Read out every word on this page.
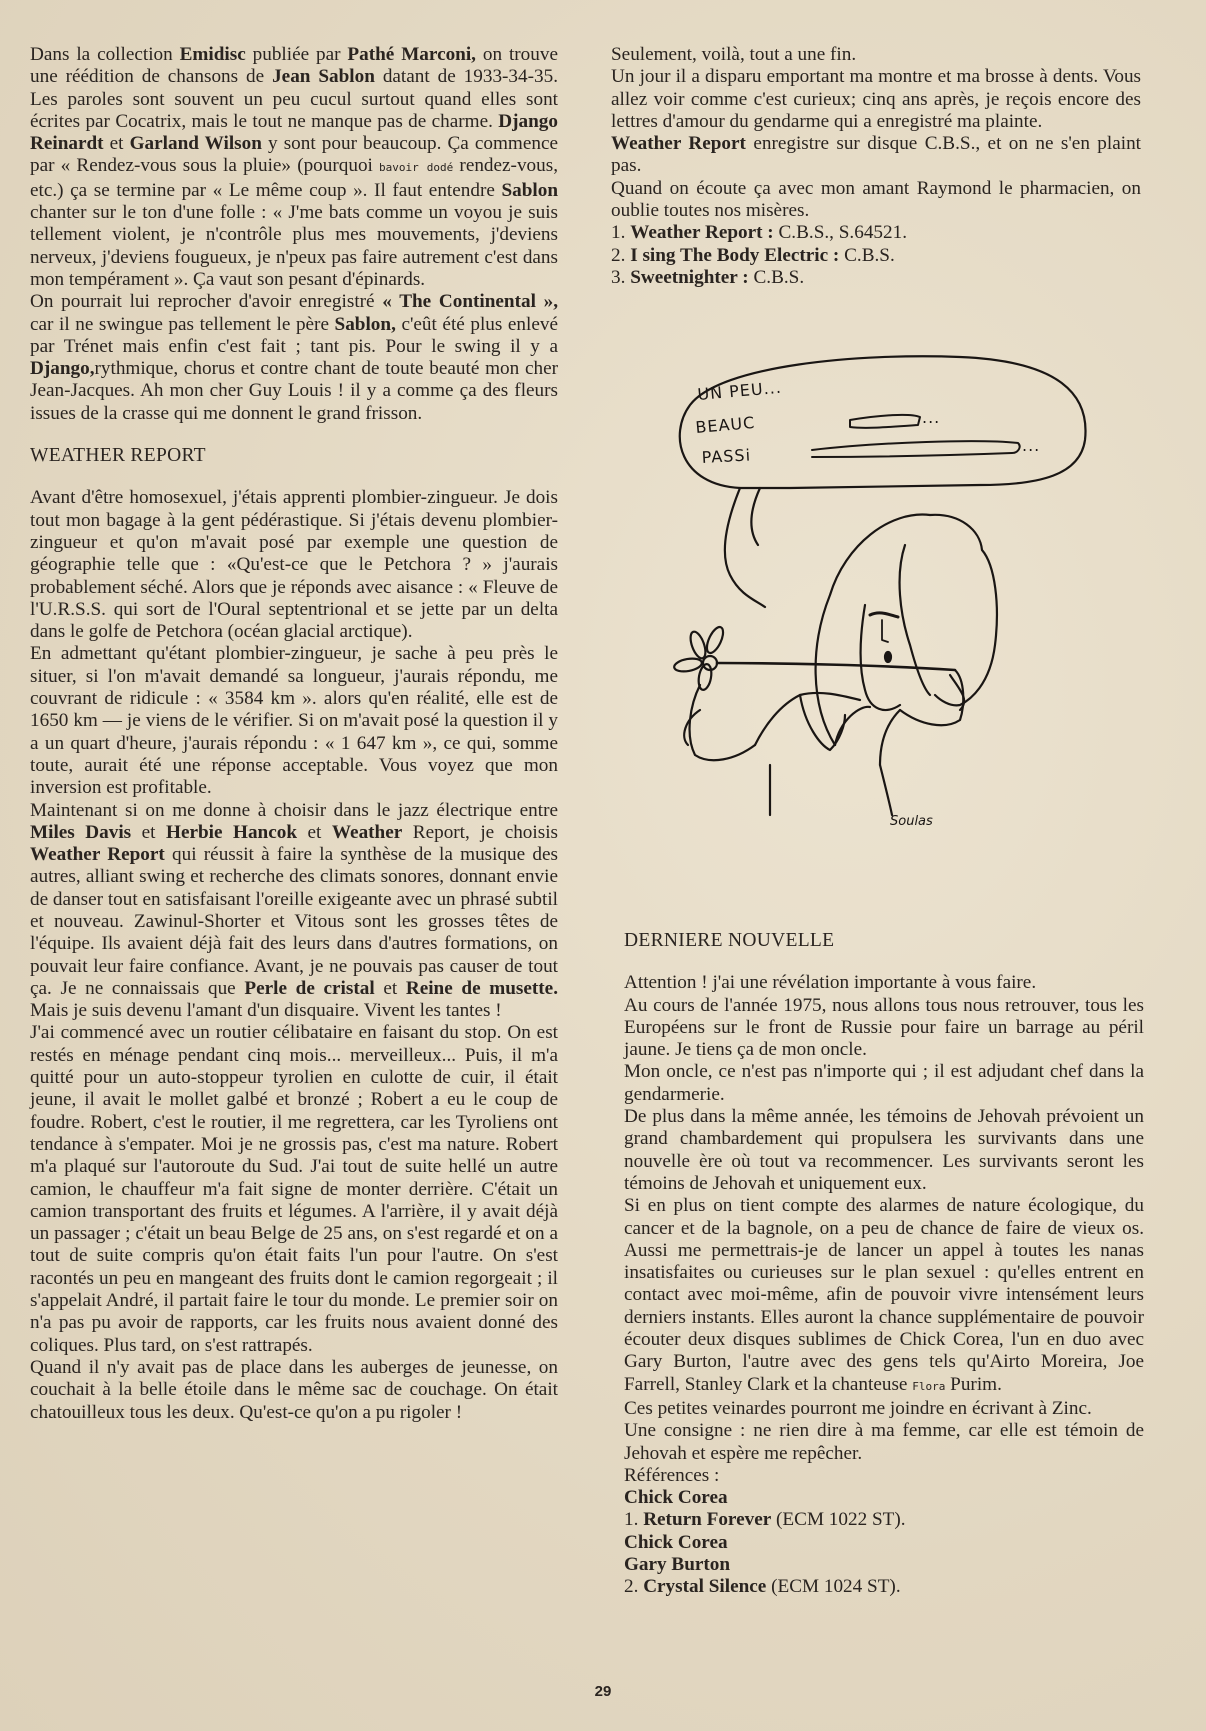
Dans la collection Emidisc publiée par Pathé Marconi, on trouve une réédition de chansons de Jean Sablon datant de 1933-34-35. Les paroles sont souvent un peu cucul surtout quand elles sont écrites par Cocatrix, mais le tout ne manque pas de charme. Django Reinardt et Garland Wilson y sont pour beaucoup. Ça commence par « Rendez-vous sous la pluie» (pourquoi bavoir dodé rendez-vous, etc.) ça se termine par « Le même coup ». Il faut entendre Sablon chanter sur le ton d'une folle : « J'me bats comme un voyou je suis tellement violent, je n'contrôle plus mes mouvements, j'deviens nerveux, j'deviens fougueux, je n'peux pas faire autrement c'est dans mon tempérament ». Ça vaut son pesant d'épinards.

On pourrait lui reprocher d'avoir enregistré « The Continental », car il ne swingue pas tellement le père Sablon, c'eût été plus enlevé par Trénet mais enfin c'est fait ; tant pis. Pour le swing il y a Django,rythmique, chorus et contre chant de toute beauté mon cher Jean-Jacques. Ah mon cher Guy Louis ! il y a comme ça des fleurs issues de la crasse qui me donnent le grand frisson.

WEATHER REPORT

Avant d'être homosexuel, j'étais apprenti plombier-zingueur. Je dois tout mon bagage à la gent pédérastique. Si j'étais devenu plombier-zingueur et qu'on m'avait posé par exemple une question de géographie telle que : «Qu'est-ce que le Petchora ? » j'aurais probablement séché. Alors que je réponds avec aisance : « Fleuve de l'U.R.S.S. qui sort de l'Oural septentrional et se jette par un delta dans le golfe de Petchora (océan glacial arctique).

En admettant qu'étant plombier-zingueur, je sache à peu près le situer, si l'on m'avait demandé sa longueur, j'aurais répondu, me couvrant de ridicule : « 3584 km ». alors qu'en réalité, elle est de 1650 km — je viens de le vérifier. Si on m'avait posé la question il y a un quart d'heure, j'aurais répondu : « 1 647 km », ce qui, somme toute, aurait été une réponse acceptable. Vous voyez que mon inversion est profitable.

Maintenant si on me donne à choisir dans le jazz électrique entre Miles Davis et Herbie Hancok et Weather Report, je choisis Weather Report qui réussit à faire la synthèse de la musique des autres, alliant swing et recherche des climats sonores, donnant envie de danser tout en satisfaisant l'oreille exigeante avec un phrasé subtil et nouveau. Zawinul-Shorter et Vitous sont les grosses têtes de l'équipe. Ils avaient déjà fait des leurs dans d'autres formations, on pouvait leur faire confiance. Avant, je ne pouvais pas causer de tout ça. Je ne connaissais que Perle de cristal et Reine de musette. Mais je suis devenu l'amant d'un disquaire. Vivent les tantes !

J'ai commencé avec un routier célibataire en faisant du stop. On est restés en ménage pendant cinq mois... merveilleux... Puis, il m'a quitté pour un auto-stoppeur tyrolien en culotte de cuir, il était jeune, il avait le mollet galbé et bronzé ; Robert a eu le coup de foudre. Robert, c'est le routier, il me regrettera, car les Tyroliens ont tendance à s'empater. Moi je ne grossis pas, c'est ma nature. Robert m'a plaqué sur l'autoroute du Sud. J'ai tout de suite hellé un autre camion, le chauffeur m'a fait signe de monter derrière. C'était un camion transportant des fruits et légumes. A l'arrière, il y avait déjà un passager ; c'était un beau Belge de 25 ans, on s'est regardé et on a tout de suite compris qu'on était faits l'un pour l'autre. On s'est racontés un peu en mangeant des fruits dont le camion regorgeait ; il s'appelait André, il partait faire le tour du monde. Le premier soir on n'a pas pu avoir de rapports, car les fruits nous avaient donné des coliques. Plus tard, on s'est rattrapés.

Quand il n'y avait pas de place dans les auberges de jeunesse, on couchait à la belle étoile dans le même sac de couchage. On était chatouilleux tous les deux. Qu'est-ce qu'on a pu rigoler !

Seulement, voilà, tout a une fin.

Un jour il a disparu emportant ma montre et ma brosse à dents. Vous allez voir comme c'est curieux; cinq ans après, je reçois encore des lettres d'amour du gendarme qui a enregistré ma plainte.

Weather Report enregistre sur disque C.B.S., et on ne s'en plaint pas.

Quand on écoute ça avec mon amant Raymond le pharmacien, on oublie toutes nos misères.

1. Weather Report : C.B.S., S.64521.

2. I sing The Body Electric : C.B.S.

3. Sweetnighter : C.B.S.

UN PEU...
BEAUC
PASSi
...
...
Soulas
DERNIERE NOUVELLE

Attention ! j'ai une révélation importante à vous faire.

Au cours de l'année 1975, nous allons tous nous retrouver, tous les Européens sur le front de Russie pour faire un barrage au péril jaune. Je tiens ça de mon oncle.

Mon oncle, ce n'est pas n'importe qui ; il est adjudant chef dans la gendarmerie.

De plus dans la même année, les témoins de Jehovah prévoient un grand chambardement qui propulsera les survivants dans une nouvelle ère où tout va recommencer. Les survivants seront les témoins de Jehovah et uniquement eux.

Si en plus on tient compte des alarmes de nature écologique, du cancer et de la bagnole, on a peu de chance de faire de vieux os. Aussi me permettrais-je de lancer un appel à toutes les nanas insatisfaites ou curieuses sur le plan sexuel : qu'elles entrent en contact avec moi-même, afin de pouvoir vivre intensément leurs derniers instants. Elles auront la chance supplémentaire de pouvoir écouter deux disques sublimes de Chick Corea, l'un en duo avec Gary Burton, l'autre avec des gens tels qu'Airto Moreira, Joe Farrell, Stanley Clark et la chanteuse Flora Purim.

Ces petites veinardes pourront me joindre en écrivant à Zinc.

Une consigne : ne rien dire à ma femme, car elle est témoin de Jehovah et espère me repêcher.

Références :

Chick Corea

1. Return Forever (ECM 1022 ST).

Chick Corea

Gary Burton

2. Crystal Silence (ECM 1024 ST).

29
